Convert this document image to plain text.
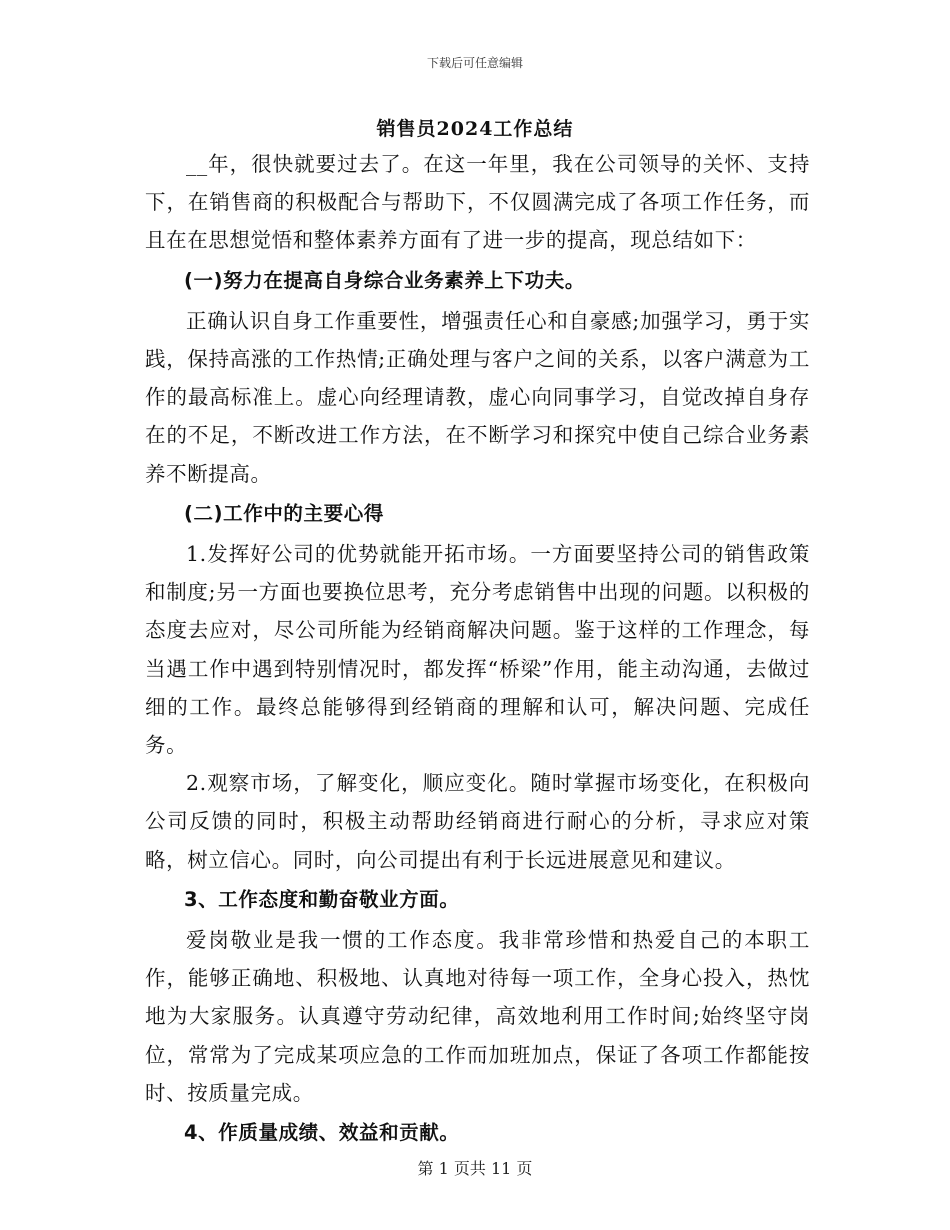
下载后可任意编辑
销售员2024工作总结

__年，很快就要过去了。在这一年里，我在公司领导的关怀、支持下，在销售商的积极配合与帮助下，不仅圆满完成了各项工作任务，而且在在思想觉悟和整体素养方面有了进一步的提高，现总结如下：

(一)努力在提高自身综合业务素养上下功夫。

正确认识自身工作重要性，增强责任心和自豪感;加强学习，勇于实践，保持高涨的工作热情;正确处理与客户之间的关系，以客户满意为工作的最高标准上。虚心向经理请教，虚心向同事学习，自觉改掉自身存在的不足，不断改进工作方法，在不断学习和探究中使自己综合业务素养不断提高。

(二)工作中的主要心得

1.发挥好公司的优势就能开拓市场。一方面要坚持公司的销售政策和制度;另一方面也要换位思考，充分考虑销售中出现的问题。以积极的态度去应对，尽公司所能为经销商解决问题。鉴于这样的工作理念，每当遇工作中遇到特别情况时，都发挥“桥梁”作用，能主动沟通，去做过细的工作。最终总能够得到经销商的理解和认可，解决问题、完成任务。

2.观察市场，了解变化，顺应变化。随时掌握市场变化，在积极向公司反馈的同时，积极主动帮助经销商进行耐心的分析，寻求应对策略，树立信心。同时，向公司提出有利于长远进展意见和建议。

3、工作态度和勤奋敬业方面。

爱岗敬业是我一惯的工作态度。我非常珍惜和热爱自己的本职工作，能够正确地、积极地、认真地对待每一项工作，全身心投入，热忱地为大家服务。认真遵守劳动纪律，高效地利用工作时间;始终坚守岗位，常常为了完成某项应急的工作而加班加点，保证了各项工作都能按时、按质量完成。

4、作质量成绩、效益和贡献。

第 1 页共 11 页
